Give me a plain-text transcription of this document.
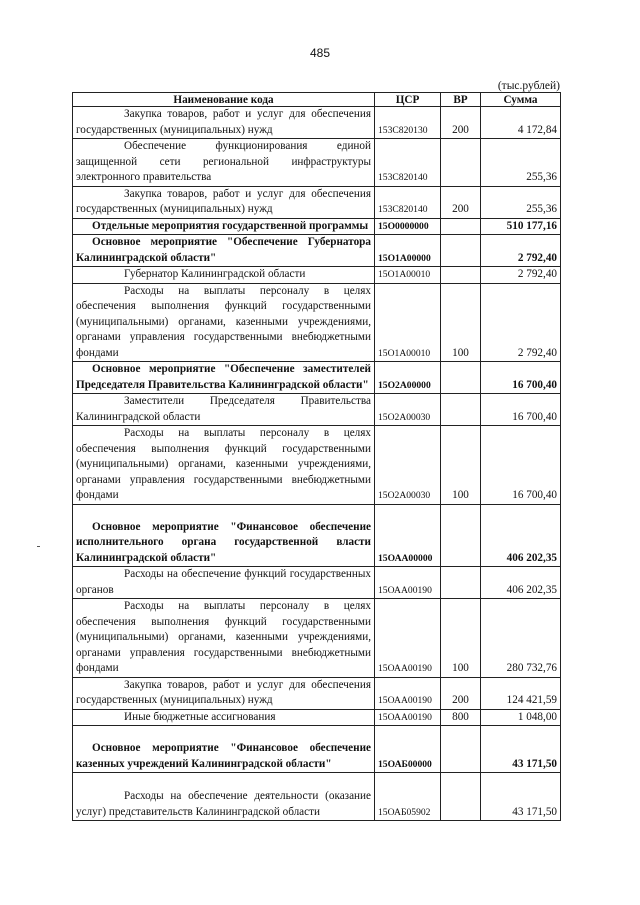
485
(тыс.рублей)
Наименование кода	ЦСР	ВР	Сумма
Закупка товаров, работ и услуг для обеспечения государственных (муниципальных) нужд	153С820130	200	4 172,84
Обеспечение функционирования единой защищенной сети региональной инфраструктуры электронного правительства	153С820140		255,36
Закупка товаров, работ и услуг для обеспечения государственных (муниципальных) нужд	153С820140	200	255,36
Отдельные мероприятия государственной программы	15О0000000		510 177,16
Основное мероприятие "Обеспечение Губернатора Калининградской области"	15О1А00000		2 792,40
Губернатор Калининградской области	15О1А00010		2 792,40
Расходы на выплаты персоналу в целях обеспечения выполнения функций государственными (муниципальными) органами, казенными учреждениями, органами управления государственными внебюджетными фондами	15О1А00010	100	2 792,40
Основное мероприятие "Обеспечение заместителей Председателя Правительства Калининградской области"	15О2А00000		16 700,40
Заместители Председателя Правительства Калининградской области	15О2А00030		16 700,40
Расходы на выплаты персоналу в целях обеспечения выполнения функций государственными (муниципальными) органами, казенными учреждениями, органами управления государственными внебюджетными фондами	15О2А00030	100	16 700,40
Основное мероприятие "Финансовое обеспечение исполнительного органа государственной власти Калининградской области"	15ОАА00000		406 202,35
Расходы на обеспечение функций государственных органов	15ОАА00190		406 202,35
Расходы на выплаты персоналу в целях обеспечения выполнения функций государственными (муниципальными) органами, казенными учреждениями, органами управления государственными внебюджетными фондами	15ОАА00190	100	280 732,76
Закупка товаров, работ и услуг для обеспечения государственных (муниципальных) нужд	15ОАА00190	200	124 421,59
Иные бюджетные ассигнования	15ОАА00190	800	1 048,00
Основное мероприятие "Финансовое обеспечение казенных учреждений Калининградской области"	15ОАБ00000		43 171,50
Расходы на обеспечение деятельности (оказание услуг) представительств Калининградской области	15ОАБ05902		43 171,50
